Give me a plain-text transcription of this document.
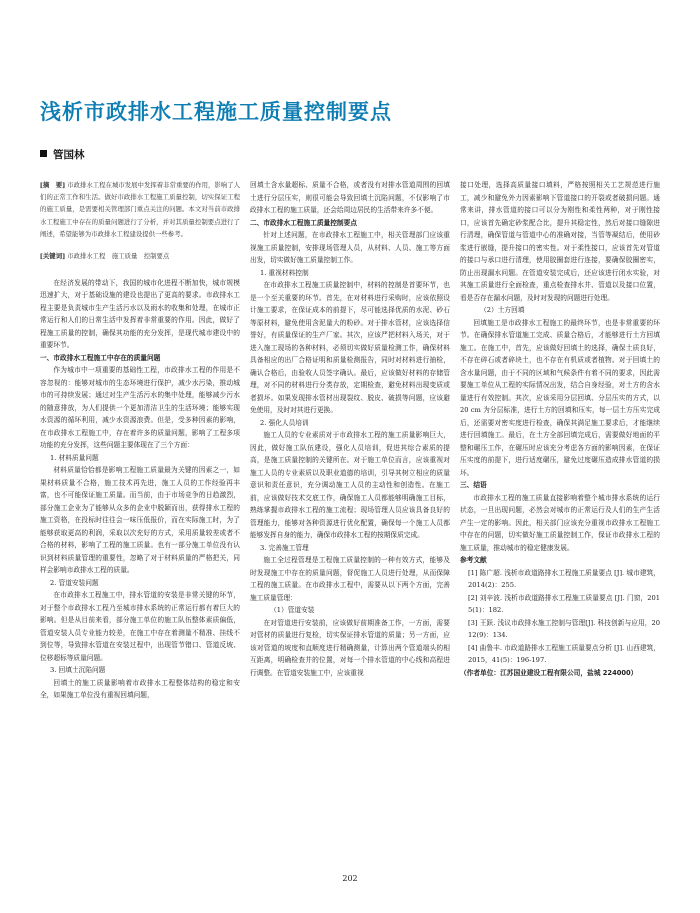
浅析市政排水工程施工质量控制要点
管国林

[摘　要] 市政排水工程在城市发展中发挥着非常重要的作用，影响了人们的正常工作和生活。做好市政排水工程施工质量控制，切实保证工程的施工质量，是需要相关管理部门重点关注的问题。本文对当前市政排水工程施工中存在的质量问题进行了分析，并对其质量控制要点进行了阐述，希望能够为市政排水工程建设提供一些参考。

[关键词] 市政排水工程　施工质量　控制要点

在经济发展的带动下，我国的城市化进程不断加快，城市规模迅速扩大，对于基础设施的建设也提出了更高的要求。市政排水工程主要是负责城市生产生活污水以及雨水的收集和处理，在城市正常运行和人们的日常生活中发挥着非常重要的作用。因此，做好了程施工质量的控制，确保其功能的充分发挥，是现代城市建设中的重要环节。

一、市政排水工程施工中存在的质量问题

作为城市中一项重要的基础性工程，市政排水工程的作用是不容忽视的：能够对城市的生态环境进行保护，减少水污染，推动城市的可持续发展；通过对生产生活污水的集中处理，能够减少污水的随意排放，为人们提供一个更加清洁卫生的生活环境；能够实现水资源的循环利用，减少水资源浪费。但是，受多种因素的影响，在市政排水工程施工中，存在着许多的质量问题，影响了工程多项功能的充分发挥，这些问题主要体现在了三个方面：

1. 材料质量问题

材料质量恰恰都是影响工程施工质量最为关键的因素之一，如果材料质量不合格，施工技术再先进，施工人员的工作经验再丰富，也不可能保证施工质量。而当前，由于市场竞争的日趋激烈，部分施工企业为了能够从众多的企业中脱颖而出，获得排水工程的施工资格，在投标时往往会一味压低报价，而在实际施工时，为了能够获取更高的利润，采取以次充好的方式，采用质量较差或者不合格的材料，影响了工程的施工质量。也有一部分施工单位没有认识到材料质量管理的重要性，忽略了对于材料质量的严格把关，同样会影响市政排水工程的质量。

2. 管道安装问题

在市政排水工程施工中，排水管道的安装是非常关键的环节，对于整个市政排水工程乃至城市排水系统的正常运行都有着巨大的影响。但是从目前来看，部分施工单位的施工队伍整体素质偏低，管道安装人员专业能力较差，在施工中存在着测量不精准、挂线不到位等，导致排水管道在安装过程中，出现管节错口、管道反坡、位移超标等质量问题。

3. 回填土沉陷问题

回填土的施工质量影响着市政排水工程整体结构的稳定和安全，如果施工单位没有重视回填问题，

回填土含水量超标、质量不合格，或者没有对排水管道周围的回填土进行分层压实，则很可能会导致回填土沉陷问题，不仅影响了市政排水工程的施工质量，还会给周边居民的生活带来许多不便。

二、市政排水工程施工质量控制要点

针对上述问题，在市政排水工程施工中，相关管理部门应该重视施工质量控制，安排现场管理人员，从材料、人员、施工等方面出发，切实做好施工质量控制工作。

1. 重视材料控制

在市政排水工程施工质量控制中，材料的控制是首要环节，也是一个至关重要的环节。首先，在对材料进行采购时，应该依照设计施工要求，在保证成本的前提下，尽可能选择优质的水泥、砂石等原材料，避免使用含泥量大的粉砂。对于排水管材，应该选择信誉好，有质量保证的生产厂家。其次，应该严把材料入场关，对于进入施工现场的各种材料，必须切实做好质量检测工作，确保材料具备相应的出厂合格证明和质量检测报告，同时对材料进行抽检，确认合格后，由验收人员签字确认。最后，应该做好材料的存储管理，对不同的材料进行分类存放，定期检查，避免材料出现变质或者损坏。如果发现排水管材出现裂纹、脱皮、破损等问题，应该避免使用，及时对其进行更换。

2. 强化人员培训

施工人员的专业素质对于市政排水工程的施工质量影响巨大，因此，做好施工队伍建设，强化人员培训，促进其综合素质的提高，是施工质量控制的关键所在。对于施工单位而言，应该重视对施工人员的专业素质以及职业道德的培训，引导其树立相应的质量意识和责任意识，充分调动施工人员的主动性和创造性。在施工前，应该做好技术交底工作，确保施工人员都能够明确施工目标，熟练掌握市政排水工程的施工流程；现场管理人员应该具备良好的管理能力，能够对各种资源进行优化配置，确保每一个施工人员都能够发挥自身的能力，确保市政排水工程的按期保质完成。

3. 完善施工管理

施工全过程管理是工程施工质量控制的一种有效方式，能够及时发现施工中存在的质量问题，督促施工人员进行处理，从而保障工程的施工质量。在市政排水工程中，需要从以下两个方面，完善施工质量管理：

（1）管道安装

在对管道进行安装前，应该做好前期准备工作，一方面，需要对管材的质量进行复检，切实保证排水管道的质量；另一方面，应该对管道的坡度和直顺度进行精确测量，计算出两个管道端头的相互距离，明确检查井的位置，对每一个排水管道的中心线和高程进行调整。在管道安装施工中，应该重视

接口处理，选择高质量接口填料，严格按照相关工艺规范进行施工，减少和避免外力因素影响下管道接口的开裂或者破损问题。通常来讲，排水管道的接口可以分为刚性和柔性两种，对于刚性接口，应该首先确定砂浆配合比，提升其稳定性，然后对接口缝隙进行清理，确保管道与管道中心的准确对接，当管等凝结后，使用砂浆进行嵌缝，提升接口的密实性。对于柔性接口，应该首先对管道的接口与承口进行清理，使用胶圈套进行连接，要确保胶圈密实，防止出现漏水问题。在管道安装完成后，还应该进行闭水实验，对其施工质量进行全面检查，重点检查排水井、管道以及接口位置，看是否存在漏水问题，及时对发现的问题进行处理。

（2）土方回填

回填施工是市政排水工程施工的最终环节，也是非常重要的环节。在确保排水管道施工完成、质量合格后，才能够进行土方回填施工。在施工中，首先，应该做好回填土的选择，确保土质良好，不存在碎石或者碎块土，也不存在有机质或者植物。对于回填土的含水量问题，由于不同的区域和气候条件有着不同的要求，因此需要施工单位从工程的实际情况出发，结合自身经验，对土方的含水量进行有效控制。其次，应该采用分层回填、分层压实的方式，以 20 cm 为分层标准，进行土方的回填和压实，每一层土方压实完成后，还需要对密实度进行检查，确保其满足施工要求后，才能继续进行回填施工。最后，在土方全部回填完成后，需要做好地面的平整和碾压工作，在碾压时应该充分考虑各方面的影响因素，在保证压实度的前提下，进行适度碾压，避免过度碾压造成排水管道的损坏。

三、结语

市政排水工程的施工质量直接影响着整个城市排水系统的运行状态，一旦出现问题，必然会对城市的正常运行及人们的生产生活产生一定的影响。因此，相关部门应该充分重视市政排水工程施工中存在的问题，切实做好施工质量控制工作，保证市政排水工程的施工质量，推动城市的稳定健康发展。

参考文献

[1] 陈广超. 浅析市政道路排水工程施工质量要点 [J]. 城市建筑，2014(2)：255.

[2] 刘辛波. 浅析市政道路排水工程施工质量要点 [J]. 门窗，2015(1)：182.

[3] 王跃. 浅议市政排水施工控制与管理[J]. 科技创新与应用，2012(9)：134.

[4] 曲鲁丰. 市政道路排水工程施工质量要点分析 [J]. 山西建筑，2015，41(5)：196-197.

（作者单位：江苏国业建设工程有限公司，盐城 224000）

202
